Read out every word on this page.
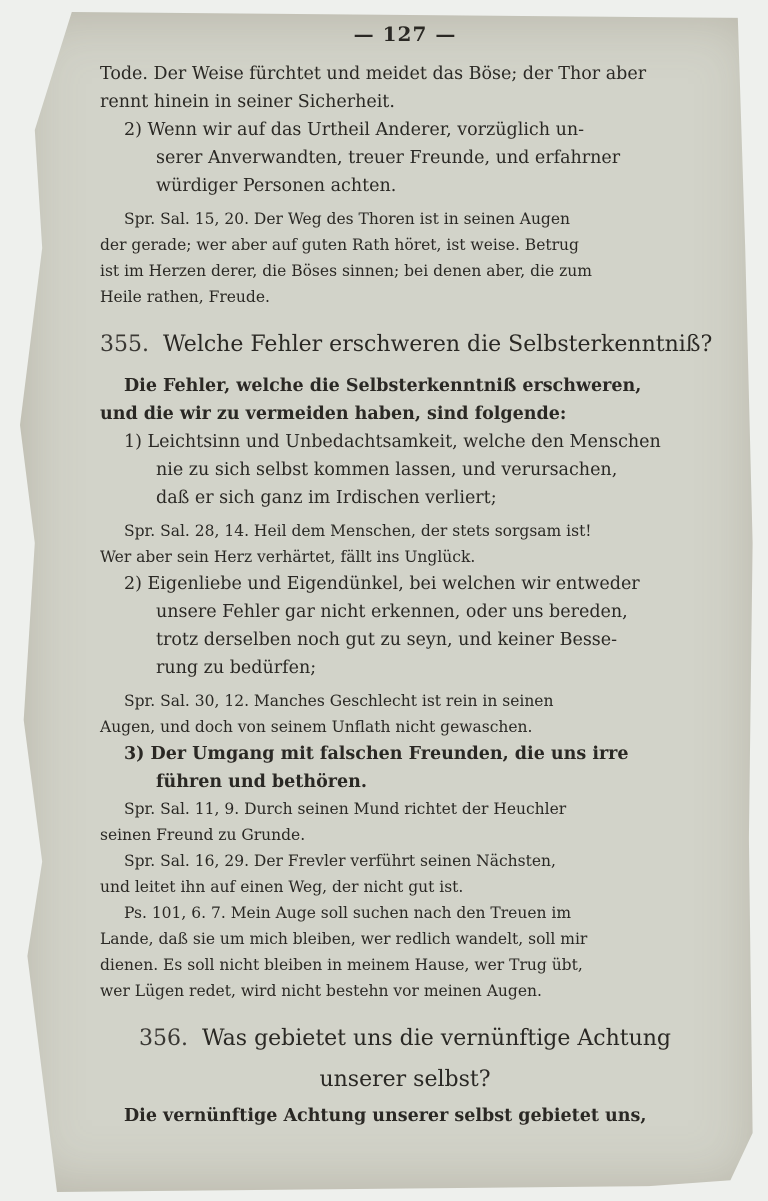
— 127 —
Tode. Der Weise fürchtet und meidet das Böse; der Thor aber
rennt hinein in seiner Sicherheit.
2) Wenn wir auf das Urtheil Anderer, vorzüglich un-
serer Anverwandten, treuer Freunde, und erfahrner
würdiger Personen achten.
Spr. Sal. 15, 20. Der Weg des Thoren ist in seinen Augen
der gerade; wer aber auf guten Rath höret, ist weise. Betrug
ist im Herzen derer, die Böses sinnen; bei denen aber, die zum
Heile rathen, Freude.
355. Welche Fehler erschweren die Selbsterkenntniß?
Die Fehler, welche die Selbsterkenntniß erschweren,
und die wir zu vermeiden haben, sind folgende:
1) Leichtsinn und Unbedachtsamkeit, welche den Menschen
nie zu sich selbst kommen lassen, und verursachen,
daß er sich ganz im Irdischen verliert;
Spr. Sal. 28, 14. Heil dem Menschen, der stets sorgsam ist!
Wer aber sein Herz verhärtet, fällt ins Unglück.
2) Eigenliebe und Eigendünkel, bei welchen wir entweder
unsere Fehler gar nicht erkennen, oder uns bereden,
trotz derselben noch gut zu seyn, und keiner Besse-
rung zu bedürfen;
Spr. Sal. 30, 12. Manches Geschlecht ist rein in seinen
Augen, und doch von seinem Unflath nicht gewaschen.
3) Der Umgang mit falschen Freunden, die uns irre
führen und bethören.
Spr. Sal. 11, 9. Durch seinen Mund richtet der Heuchler
seinen Freund zu Grunde.
Spr. Sal. 16, 29. Der Frevler verführt seinen Nächsten,
und leitet ihn auf einen Weg, der nicht gut ist.
Ps. 101, 6. 7. Mein Auge soll suchen nach den Treuen im
Lande, daß sie um mich bleiben, wer redlich wandelt, soll mir
dienen. Es soll nicht bleiben in meinem Hause, wer Trug übt,
wer Lügen redet, wird nicht bestehn vor meinen Augen.
356. Was gebietet uns die vernünftige Achtung
unserer selbst?
Die vernünftige Achtung unserer selbst gebietet uns,
